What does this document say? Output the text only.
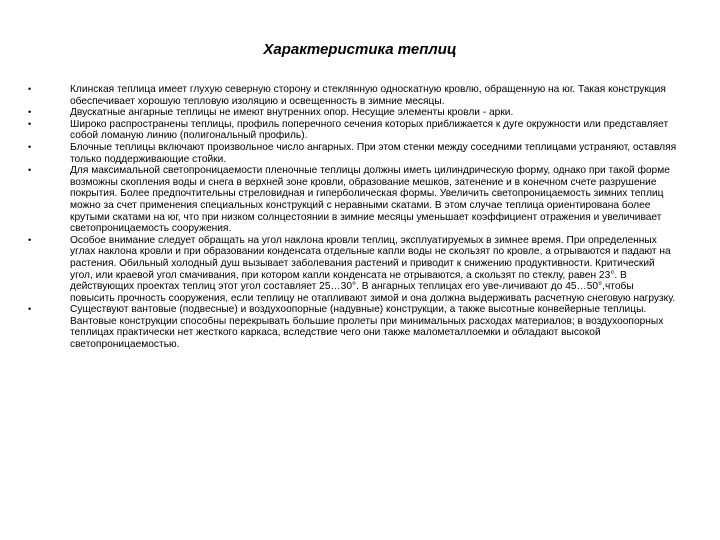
Характеристика теплиц
•	Клинская теплица имеет глухую северную сторону и стеклянную односкатную кровлю, обращенную на юг. Такая конструкция обеспечивает хорошую тепловую изоляцию и освещенность в зимние месяцы.
•	Двускатные ангарные теплицы не имеют внутренних опор. Несущие элементы кровли - арки.
•	Широко распространены теплицы, профиль поперечного сечения которых приближается к дуге окружности или представляет собой ломаную линию (полигональный профиль).
•	Блочные теплицы включают произвольное число ангарных. При этом стенки между соседними теплицами устраняют, оставляя только поддерживающие стойки.
•	Для максимальной светопроницаемости пленочные теплицы должны иметь цилиндрическую форму, однако при такой форме возможны скопления воды и снега в верхней зоне кровли, образование мешков, затенение и в конечном счете разрушение покрытия. Более предпочтительны стреловидная и гиперболическая формы. Увеличить светопроницаемость зимних теплиц можно за счет применения специальных конструкций с неравными скатами. В этом случае теплица ориентирована более крутыми скатами на юг, что при низком солнцестоянии в зимние месяцы уменьшает коэффициент отражения и увеличивает светопроницаемость сооружения.
•	Особое внимание следует обращать на угол наклона кровли теплиц, эксплуатируемых в зимнее время. При определенных углах наклона кровли и при образовании конденсата отдельные капли воды не скользят по кровле, а отрываются и падают на растения. Обильный холодный душ вызывает заболевания растений и приводит к снижению продуктивности. Критический угол, или краевой угол смачивания, при котором капли конденсата не отрываются, а скользят по стеклу, равен 23°. В действующих проектах теплиц этот угол составляет 25…30°. В ангарных теплицах его уве-личивают до 45…50°,чтобы повысить прочность сооружения, если теплицу не отапливают зимой и она должна выдерживать расчетную снеговую нагрузку.
•	Существуют вантовые (подвесные) и воздухоопорные (надувные) конструкции, а также высотные конвейерные теплицы. Вантовые конструкции способны перекрывать большие пролеты при минимальных расходах материалов; в воздухоопорных теплицах практически нет жесткого каркаса, вследствие чего они также малометаллоемки и обладают высокой светопроницаемостью.
